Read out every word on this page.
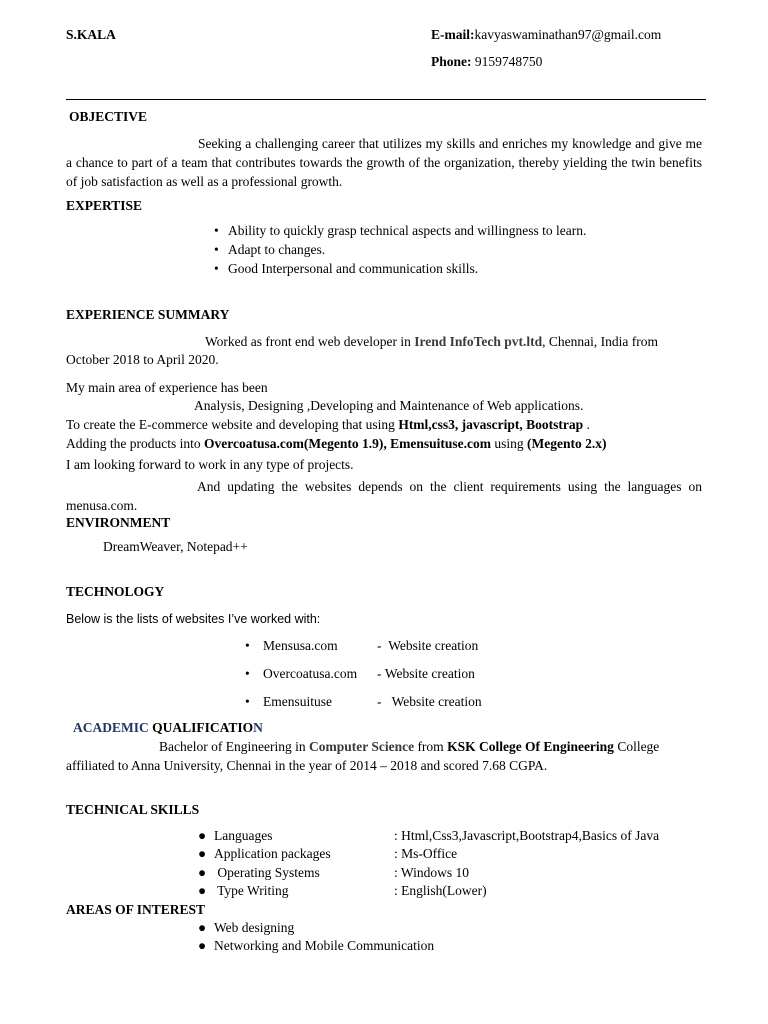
S.KALA	E-mail:kavyaswaminathan97@gmail.com
Phone: 9159748750
OBJECTIVE
Seeking a challenging career that utilizes my skills and enriches my knowledge and give me a chance to part of a team that contributes towards the growth of the organization, thereby yielding the twin benefits of job satisfaction as well as a professional growth.
EXPERTISE
• Ability to quickly grasp technical aspects and willingness to learn.
• Adapt to changes.
• Good Interpersonal and communication skills.
EXPERIENCE SUMMARY
Worked as front end web developer in Irend InfoTech pvt.ltd, Chennai, India from
October 2018 to April 2020.
My main area of experience has been
Analysis, Designing ,Developing and Maintenance of Web applications.
To create the E-commerce website and developing that using Html,css3, javascript, Bootstrap .
Adding the products into Overcoatusa.com(Megento 1.9), Emensuituse.com using (Megento 2.x)
I am looking forward to work in any type of projects.
And updating the websites depends on the client requirements using the languages on menusa.com.
ENVIRONMENT
DreamWeaver, Notepad++
TECHNOLOGY
Below is the lists of websites I’ve worked with:
• Mensusa.com	- Website creation
• Overcoatusa.com - Website creation
• Emensuituse	- Website creation
ACADEMIC QUALIFICATION
Bachelor of Engineering in Computer Science from KSK College Of Engineering College
affiliated to Anna University, Chennai in the year of 2014 – 2018 and scored 7.68 CGPA.
TECHNICAL SKILLS
● Languages	: Html,Css3,Javascript,Bootstrap4,Basics of Java
● Application packages	: Ms-Office
● Operating Systems	: Windows 10
● Type Writing	: English(Lower)
AREAS OF INTEREST
● Web designing
● Networking and Mobile Communication
